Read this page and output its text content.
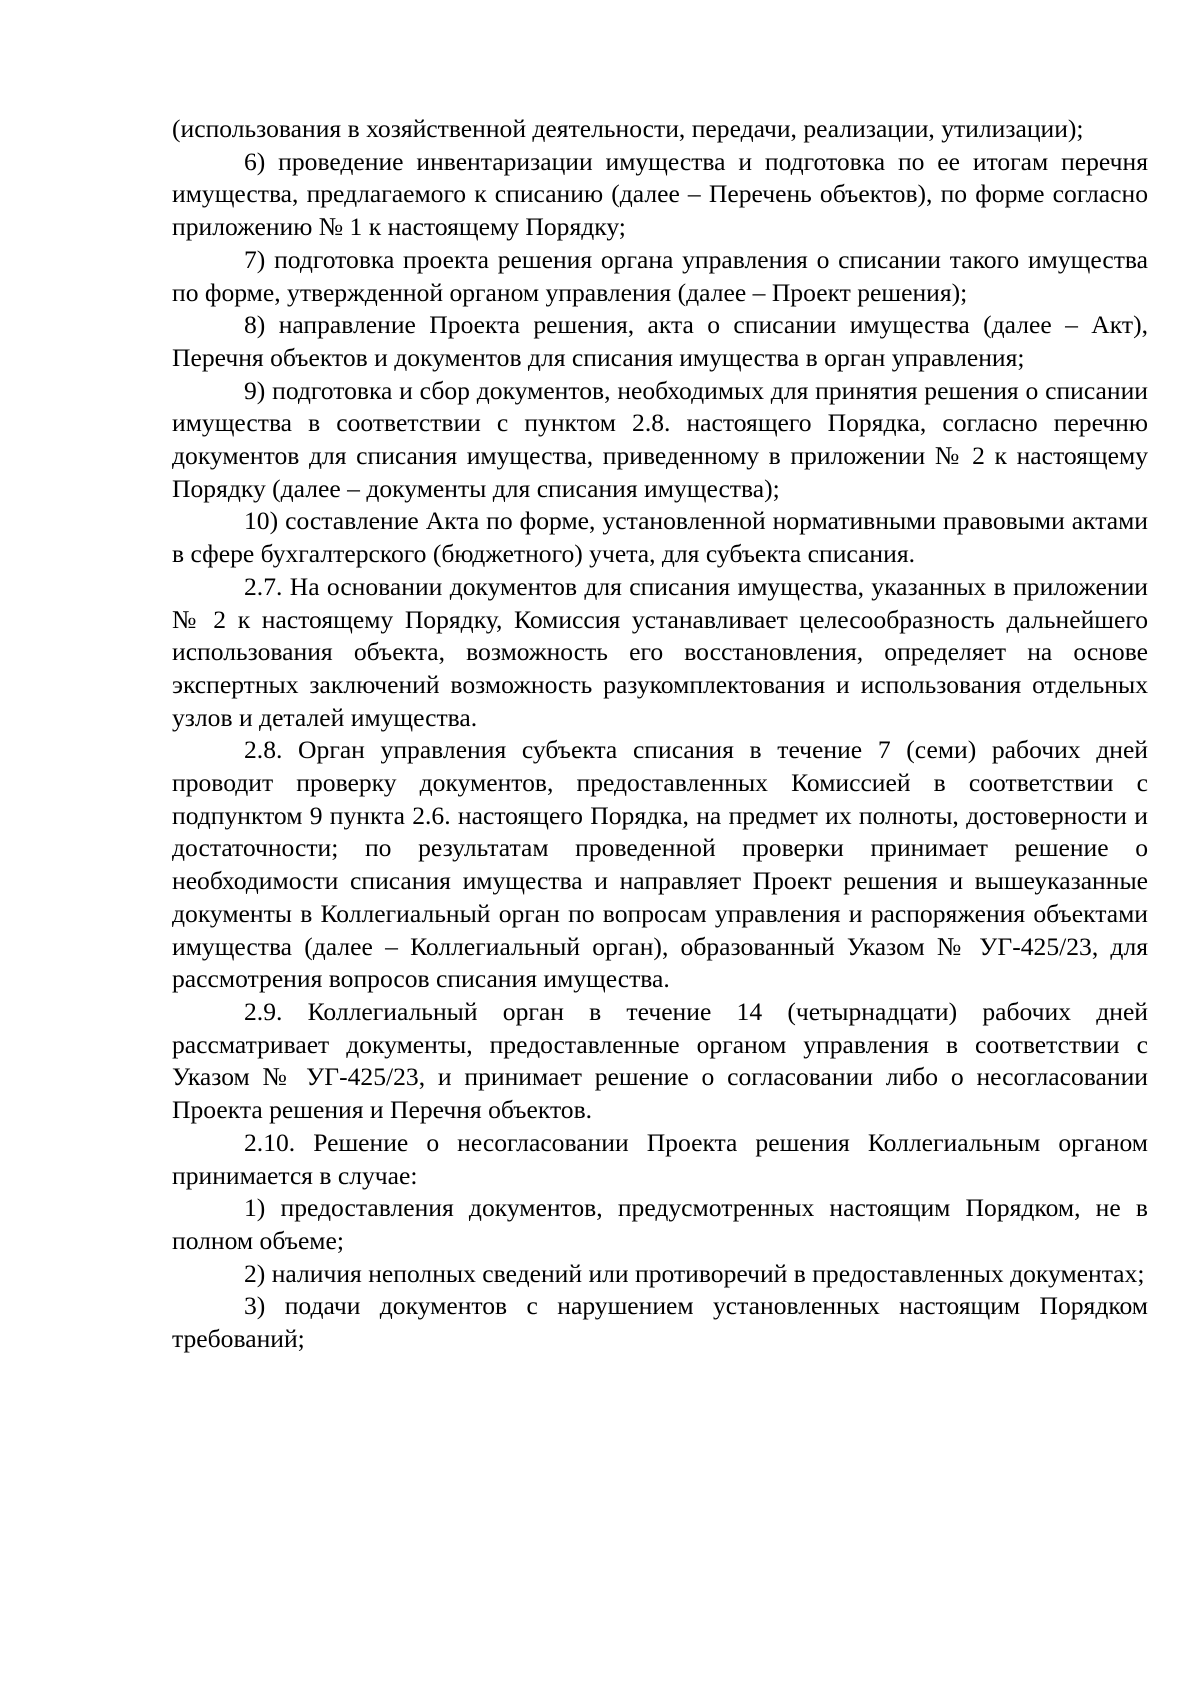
(использования в хозяйственной деятельности, передачи, реализации, утилизации);

6) проведение инвентаризации имущества и подготовка по ее итогам перечня имущества, предлагаемого к списанию (далее – Перечень объектов), по форме согласно приложению № 1 к настоящему Порядку;

7) подготовка проекта решения органа управления о списании такого имущества по форме, утвержденной органом управления (далее – Проект решения);

8) направление Проекта решения, акта о списании имущества (далее – Акт), Перечня объектов и документов для списания имущества в орган управления;

9) подготовка и сбор документов, необходимых для принятия решения о списании имущества в соответствии с пунктом 2.8. настоящего Порядка, согласно перечню документов для списания имущества, приведенному в приложении № 2 к настоящему Порядку (далее – документы для списания имущества);

10) составление Акта по форме, установленной нормативными правовыми актами в сфере бухгалтерского (бюджетного) учета, для субъекта списания.

2.7. На основании документов для списания имущества, указанных в приложении № 2 к настоящему Порядку, Комиссия устанавливает целесообразность дальнейшего использования объекта, возможность его восстановления, определяет на основе экспертных заключений возможность разукомплектования и использования отдельных узлов и деталей имущества.

2.8. Орган управления субъекта списания в течение 7 (семи) рабочих дней проводит проверку документов, предоставленных Комиссией в соответствии с подпунктом 9 пункта 2.6. настоящего Порядка, на предмет их полноты, достоверности и достаточности; по результатам проведенной проверки принимает решение о необходимости списания имущества и направляет Проект решения и вышеуказанные документы в Коллегиальный орган по вопросам управления и распоряжения объектами имущества (далее – Коллегиальный орган), образованный Указом № УГ-425/23, для рассмотрения вопросов списания имущества.

2.9. Коллегиальный орган в течение 14 (четырнадцати) рабочих дней рассматривает документы, предоставленные органом управления в соответствии с Указом № УГ-425/23, и принимает решение о согласовании либо о несогласовании Проекта решения и Перечня объектов.

2.10. Решение о несогласовании Проекта решения Коллегиальным органом принимается в случае:

1) предоставления документов, предусмотренных настоящим Порядком, не в полном объеме;

2) наличия неполных сведений или противоречий в предоставленных документах;

3) подачи документов с нарушением установленных настоящим Порядком требований;
